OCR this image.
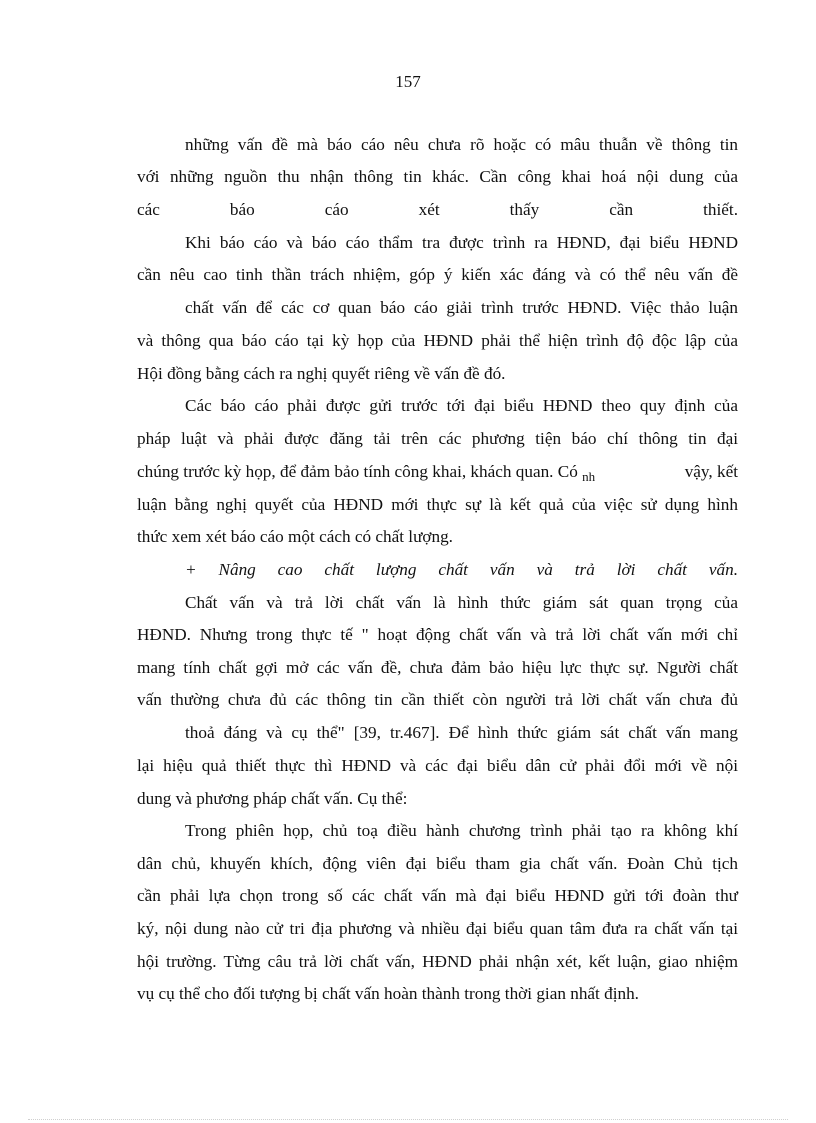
157
những vấn đề mà báo cáo nêu chưa rõ hoặc có mâu thuẫn về thông tin
với những nguồn thu nhận thông tin khác. Cần công khai hoá nội dung của
các báo cáo xét thấy cần thiết.
Khi báo cáo và báo cáo thẩm tra được trình ra HĐND, đại biểu HĐND
cần nêu cao tinh thần trách nhiệm, góp ý kiến xác đáng và có thể nêu vấn đề
chất vấn để các cơ quan báo cáo giải trình trước HĐND. Việc thảo luận
và thông qua báo cáo tại kỳ họp của HĐND phải thể hiện trình độ độc lập của
Hội đồng bằng cách ra nghị quyết riêng về vấn đề đó.
Các báo cáo phải được gửi trước tới đại biểu HĐND theo quy định của
pháp luật và phải được đăng tải trên các phương tiện báo chí thông tin đại
chúng trước kỳ họp, để đảm bảo tính công khai, khách quan. Có $_{nh}$	vậy, kết
luận bằng nghị quyết của HĐND mới thực sự là kết quả của việc sử dụng hình
thức xem xét báo cáo một cách có chất lượng.
+ Nâng cao chất lượng chất vấn và trả lời chất vấn.
Chất vấn và trả lời chất vấn là hình thức giám sát quan trọng của
HĐND. Nhưng trong thực tế " hoạt động chất vấn và trả lời chất vấn mới chỉ
mang tính chất gợi mở các vấn đề, chưa đảm bảo hiệu lực thực sự. Người chất
vấn thường chưa đủ các thông tin cần thiết còn người trả lời chất vấn chưa đủ
thoả đáng và cụ thể" [39, tr.467]. Để hình thức giám sát chất vấn mang
lại hiệu quả thiết thực thì HĐND và các đại biểu dân cử phải đổi mới về nội
dung và phương pháp chất vấn. Cụ thể:
Trong phiên họp, chủ toạ điều hành chương trình phải tạo ra không khí
dân chủ, khuyến khích, động viên đại biểu tham gia chất vấn. Đoàn Chủ tịch
cần phải lựa chọn trong số các chất vấn mà đại biểu HĐND gửi tới đoàn thư
ký, nội dung nào cử tri địa phương và nhiều đại biểu quan tâm đưa ra chất vấn tại
hội trường. Từng câu trả lời chất vấn, HĐND phải nhận xét, kết luận, giao nhiệm
vụ cụ thể cho đối tượng bị chất vấn hoàn thành trong thời gian nhất định.
